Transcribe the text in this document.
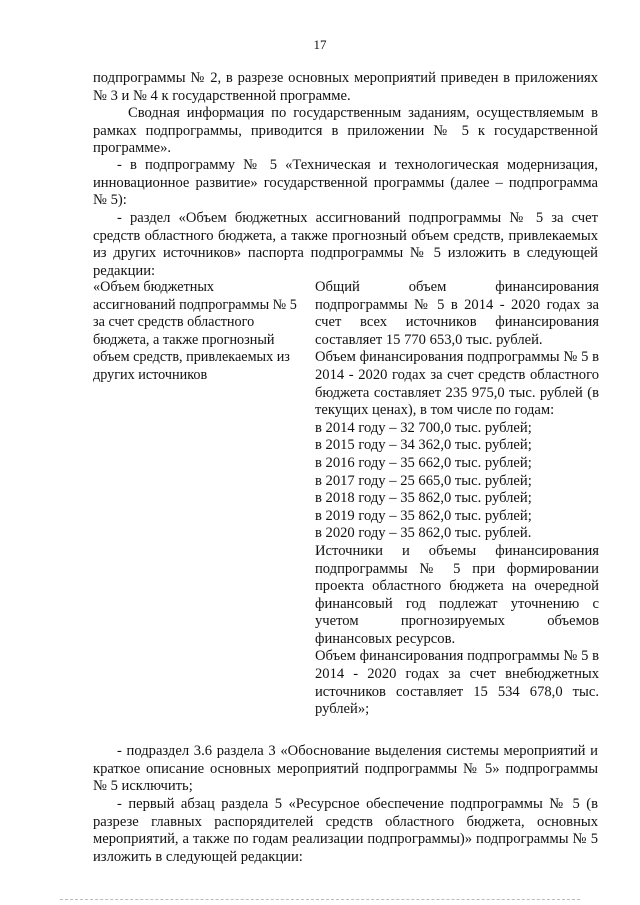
17

подпрограммы № 2, в разрезе основных мероприятий приведен в приложениях № 3 и № 4 к государственной программе.

Сводная информация по государственным заданиям, осуществляемым в рамках подпрограммы, приводится в приложении № 5 к государственной программе».

- в подпрограмму № 5 «Техническая и технологическая модернизация, инновационное развитие» государственной программы (далее – подпрограмма № 5):

- раздел «Объем бюджетных ассигнований подпрограммы № 5 за счет средств областного бюджета, а также прогнозный объем средств, привлекаемых из других источников» паспорта подпрограммы № 5 изложить в следующей редакции:

«Объем бюджетных ассигнований подпрограммы № 5 за счет средств областного бюджета, а также прогнозный объем средств, привлекаемых из других источников

Общий объем финансирования подпрограммы № 5 в 2014 - 2020 годах за счет всех источников финансирования составляет 15 770 653,0 тыс. рублей.

Объем финансирования подпрограммы № 5 в 2014 - 2020 годах за счет средств областного бюджета составляет 235 975,0 тыс. рублей (в текущих ценах), в том числе по годам:

в 2014 году – 32 700,0 тыс. рублей;

в 2015 году – 34 362,0 тыс. рублей;

в 2016 году – 35 662,0 тыс. рублей;

в 2017 году – 25 665,0 тыс. рублей;

в 2018 году – 35 862,0 тыс. рублей;

в 2019 году – 35 862,0 тыс. рублей;

в 2020 году – 35 862,0 тыс. рублей.

Источники и объемы финансирования подпрограммы № 5 при формировании проекта областного бюджета на очередной финансовый год подлежат уточнению с учетом прогнозируемых объемов финансовых ресурсов.

Объем финансирования подпрограммы № 5 в 2014 - 2020 годах за счет внебюджетных источников составляет 15 534 678,0 тыс. рублей»;

- подраздел 3.6 раздела 3 «Обоснование выделения системы мероприятий и краткое описание основных мероприятий подпрограммы № 5» подпрограммы № 5 исключить;

- первый абзац раздела 5 «Ресурсное обеспечение подпрограммы № 5 (в разрезе главных распорядителей средств областного бюджета, основных мероприятий, а также по годам реализации подпрограммы)» подпрограммы № 5 изложить в следующей редакции:
